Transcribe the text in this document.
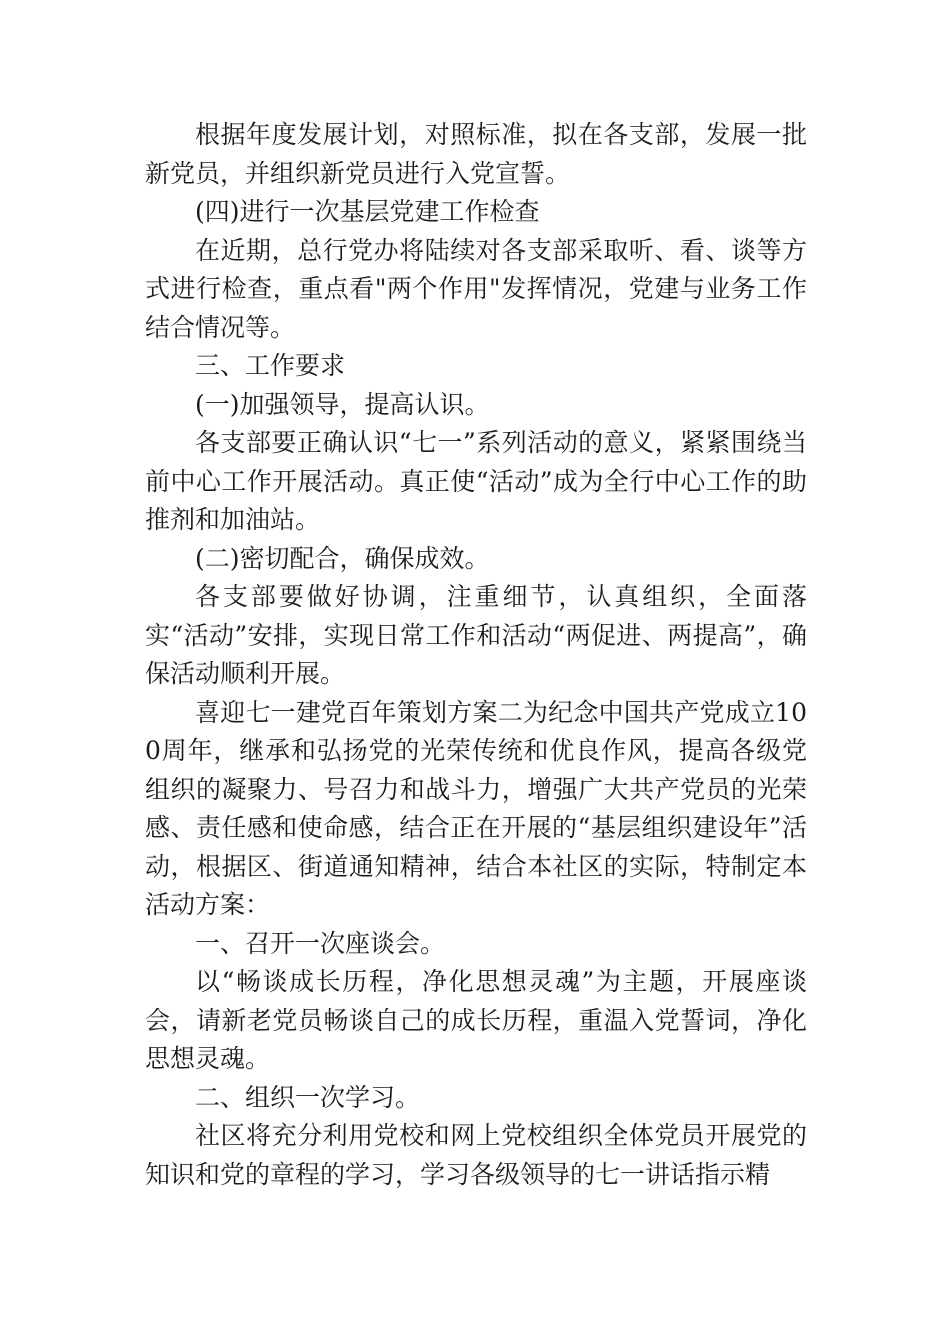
根据年度发展计划，对照标准，拟在各支部，发展一批新党员，并组织新党员进行入党宣誓。

(四)进行一次基层党建工作检查

在近期，总行党办将陆续对各支部采取听、看、谈等方式进行检查，重点看"两个作用"发挥情况，党建与业务工作结合情况等。

三、工作要求

(一)加强领导，提高认识。

各支部要正确认识“七一”系列活动的意义，紧紧围绕当前中心工作开展活动。真正使“活动”成为全行中心工作的助推剂和加油站。

(二)密切配合，确保成效。

各支部要做好协调，注重细节，认真组织，全面落实“活动”安排，实现日常工作和活动“两促进、两提高”，确保活动顺利开展。

喜迎七一建党百年策划方案二为纪念中国共产党成立100周年，继承和弘扬党的光荣传统和优良作风，提高各级党组织的凝聚力、号召力和战斗力，增强广大共产党员的光荣感、责任感和使命感，结合正在开展的“基层组织建设年”活动，根据区、街道通知精神，结合本社区的实际，特制定本活动方案：

一、召开一次座谈会。

以“畅谈成长历程，净化思想灵魂”为主题，开展座谈会，请新老党员畅谈自己的成长历程，重温入党誓词，净化思想灵魂。

二、组织一次学习。

社区将充分利用党校和网上党校组织全体党员开展党的知识和党的章程的学习，学习各级领导的七一讲话指示精
